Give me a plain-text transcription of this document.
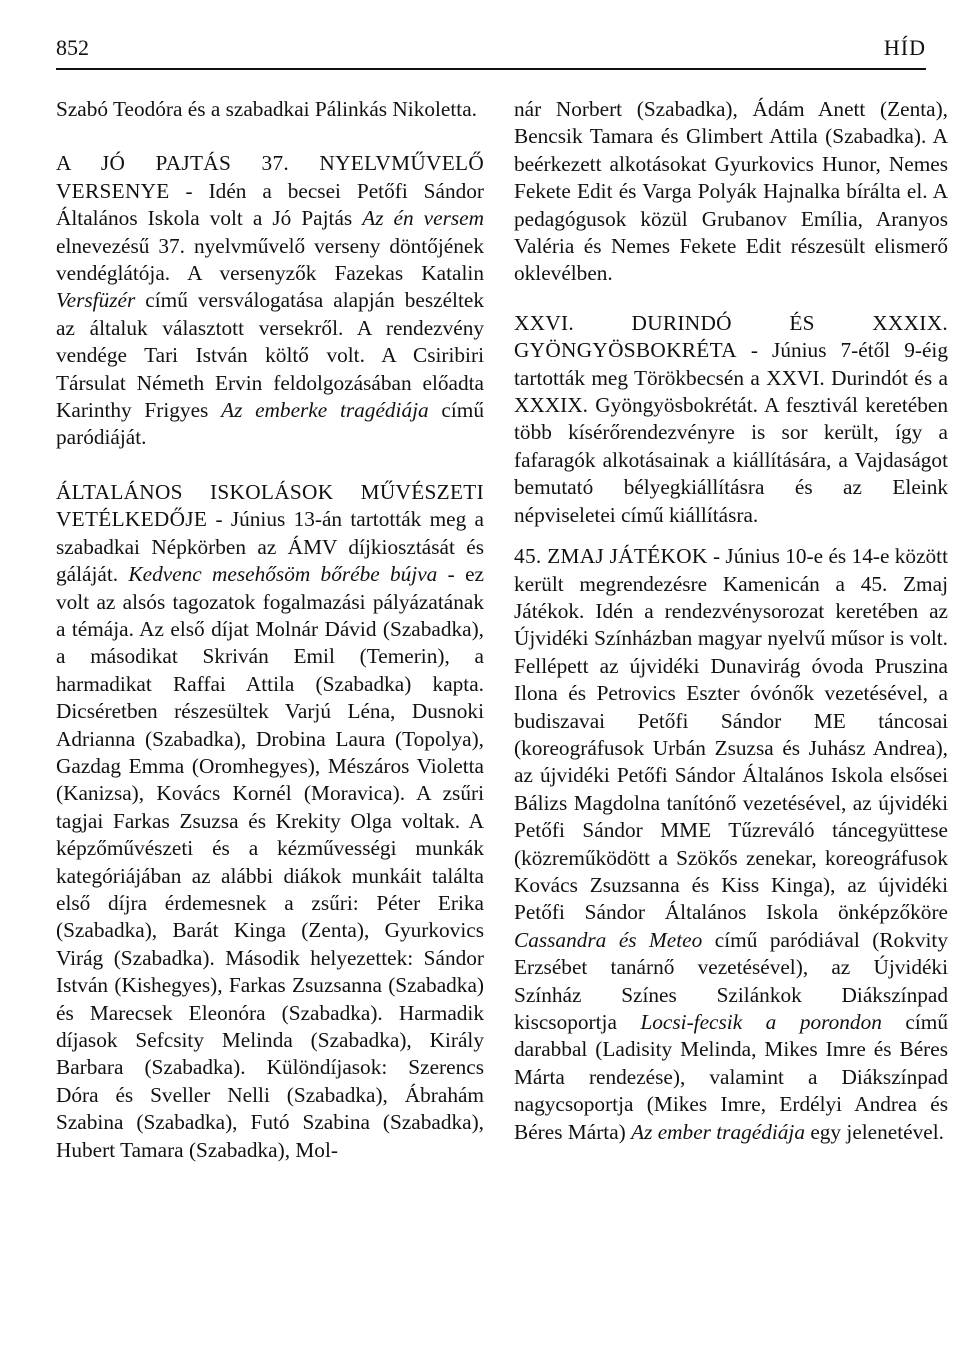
852	HÍD

Szabó Teodóra és a szabadkai Pálinkás Nikoletta.

A JÓ PAJTÁS 37. NYELVMŰVELŐ VERSENYE - Idén a becsei Petőfi Sándor Általános Iskola volt a Jó Pajtás Az én versem elnevezésű 37. nyelvművelő verseny döntőjének vendéglátója. A versenyzők Fazekas Katalin Versfüzér című versválogatása alapján beszéltek az általuk választott versekről. A rendezvény vendége Tari István költő volt. A Csiribiri Társulat Németh Ervin feldolgozásában előadta Karinthy Frigyes Az emberke tragédiája című paródiáját.

ÁLTALÁNOS ISKOLÁSOK MŰVÉSZETI VETÉLKEDŐJE - Június 13-án tartották meg a szabadkai Népkörben az ÁMV díjkiosztását és gáláját. Kedvenc mesehősöm bőrébe bújva - ez volt az alsós tagozatok fogalmazási pályázatának a témája. Az első díjat Molnár Dávid (Szabadka), a másodikat Skriván Emil (Temerin), a harmadikat Raffai Attila (Szabadka) kapta. Dicséretben részesültek Varjú Léna, Dusnoki Adrianna (Szabadka), Drobina Laura (Topolya), Gazdag Emma (Oromhegyes), Mészáros Violetta (Kanizsa), Kovács Kornél (Moravica). A zsűri tagjai Farkas Zsuzsa és Krekity Olga voltak. A képzőművészeti és a kézművességi munkák kategóriájában az alábbi diákok munkáit találta első díjra érdemesnek a zsűri: Péter Erika (Szabadka), Barát Kinga (Zenta), Gyurkovics Virág (Szabadka). Második helyezettek: Sándor István (Kishegyes), Farkas Zsuzsanna (Szabadka) és Marecsek Eleonóra (Szabadka). Harmadik díjasok Sefcsity Melinda (Szabadka), Király Barbara (Szabadka). Különdíjasok: Szerencs Dóra és Sveller Nelli (Szabadka), Ábrahám Szabina (Szabadka), Futó Szabina (Szabadka), Hubert Tamara (Szabadka), Mol-

nár Norbert (Szabadka), Ádám Anett (Zenta), Bencsik Tamara és Glimbert Attila (Szabadka). A beérkezett alkotásokat Gyurkovics Hunor, Nemes Fekete Edit és Varga Polyák Hajnalka bírálta el. A pedagógusok közül Grubanov Emília, Aranyos Valéria és Nemes Fekete Edit részesült elismerő oklevélben.

XXVI. DURINDÓ ÉS XXXIX. GYÖNGYÖSBOKRÉTA - Június 7-étől 9-éig tartották meg Törökbecsén a XXVI. Durindót és a XXXIX. Gyöngyösbokrétát. A fesztivál keretében több kísérőrendezvényre is sor került, így a fafaragók alkotásainak a kiállítására, a Vajdaságot bemutató bélyegkiállításra és az Eleink népviseletei című kiállításra.

45. ZMAJ JÁTÉKOK - Június 10-e és 14-e között került megrendezésre Kamenicán a 45. Zmaj Játékok. Idén a rendezvénysorozat keretében az Újvidéki Színházban magyar nyelvű műsor is volt. Fellépett az újvidéki Dunavirág óvoda Pruszina Ilona és Petrovics Eszter óvónők vezetésével, a budiszavai Petőfi Sándor ME táncosai (koreográfusok Urbán Zsuzsa és Juhász Andrea), az újvidéki Petőfi Sándor Általános Iskola elsősei Bálizs Magdolna tanítónő vezetésével, az újvidéki Petőfi Sándor MME Tűzreváló táncegyüttese (közreműködött a Szökős zenekar, koreográfusok Kovács Zsuzsanna és Kiss Kinga), az újvidéki Petőfi Sándor Általános Iskola önképzőköre Cassandra és Meteo című paródiával (Rokvity Erzsébet tanárnő vezetésével), az Újvidéki Színház Színes Szilánkok Diákszínpad kiscsoportja Locsi-fecsik a porondon című darabbal (Ladisity Melinda, Mikes Imre és Béres Márta rendezése), valamint a Diákszínpad nagycsoportja (Mikes Imre, Erdélyi Andrea és Béres Márta) Az ember tragédiája egy jelenetével.
